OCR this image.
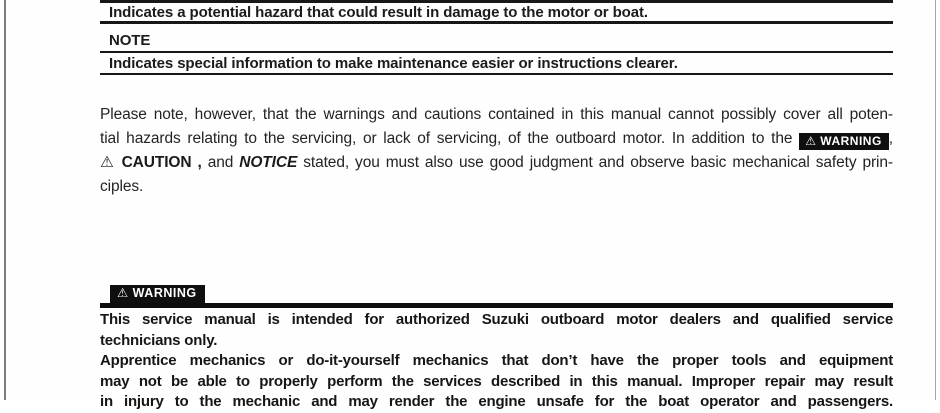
Indicates a potential hazard that could result in damage to the motor or boat.
NOTE
Indicates special information to make maintenance easier or instructions clearer.
Please note, however, that the warnings and cautions contained in this manual cannot possibly cover all poten-
tial hazards relating to the servicing, or lack of servicing, of the outboard motor. In addition to the ⚠ WARNING ,
⚠ CAUTION , and NOTICE stated, you must also use good judgment and observe basic mechanical safety prin-
ciples.
⚠ WARNING
This service manual is intended for authorized Suzuki outboard motor dealers and qualified service
technicians only.
Apprentice mechanics or do-it-yourself mechanics that don’t have the proper tools and equipment
may not be able to properly perform the services described in this manual. Improper repair may result
in injury to the mechanic and may render the engine unsafe for the boat operator and passengers.
